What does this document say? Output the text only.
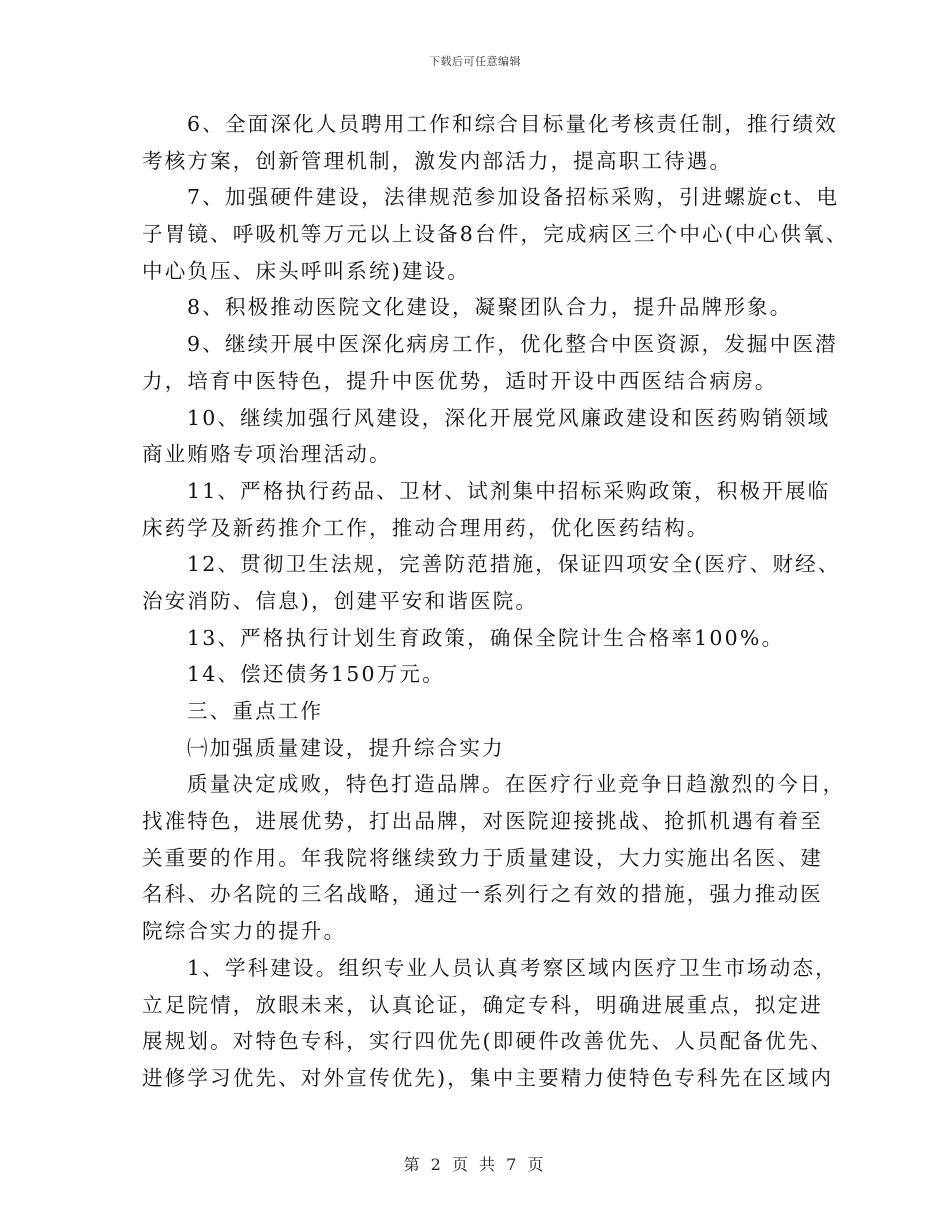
下载后可任意编辑
6、全面深化人员聘用工作和综合目标量化考核责任制，推行绩效
考核方案，创新管理机制，激发内部活力，提高职工待遇。
7、加强硬件建设，法律规范参加设备招标采购，引进螺旋ct、电
子胃镜、呼吸机等万元以上设备8台件，完成病区三个中心(中心供氧、
中心负压、床头呼叫系统)建设。
8、积极推动医院文化建设，凝聚团队合力，提升品牌形象。
9、继续开展中医深化病房工作，优化整合中医资源，发掘中医潜
力，培育中医特色，提升中医优势，适时开设中西医结合病房。
10、继续加强行风建设，深化开展党风廉政建设和医药购销领域
商业贿赂专项治理活动。
11、严格执行药品、卫材、试剂集中招标采购政策，积极开展临
床药学及新药推介工作，推动合理用药，优化医药结构。
12、贯彻卫生法规，完善防范措施，保证四项安全(医疗、财经、
治安消防、信息)，创建平安和谐医院。
13、严格执行计划生育政策，确保全院计生合格率100%。
14、偿还债务150万元。
三、重点工作
㈠加强质量建设，提升综合实力
质量决定成败，特色打造品牌。在医疗行业竞争日趋激烈的今日，
找准特色，进展优势，打出品牌，对医院迎接挑战、抢抓机遇有着至
关重要的作用。年我院将继续致力于质量建设，大力实施出名医、建
名科、办名院的三名战略，通过一系列行之有效的措施，强力推动医
院综合实力的提升。
1、学科建设。组织专业人员认真考察区域内医疗卫生市场动态，
立足院情，放眼未来，认真论证，确定专科，明确进展重点，拟定进
展规划。对特色专科，实行四优先(即硬件改善优先、人员配备优先、
进修学习优先、对外宣传优先)，集中主要精力使特色专科先在区域内
第 2 页 共 7 页
